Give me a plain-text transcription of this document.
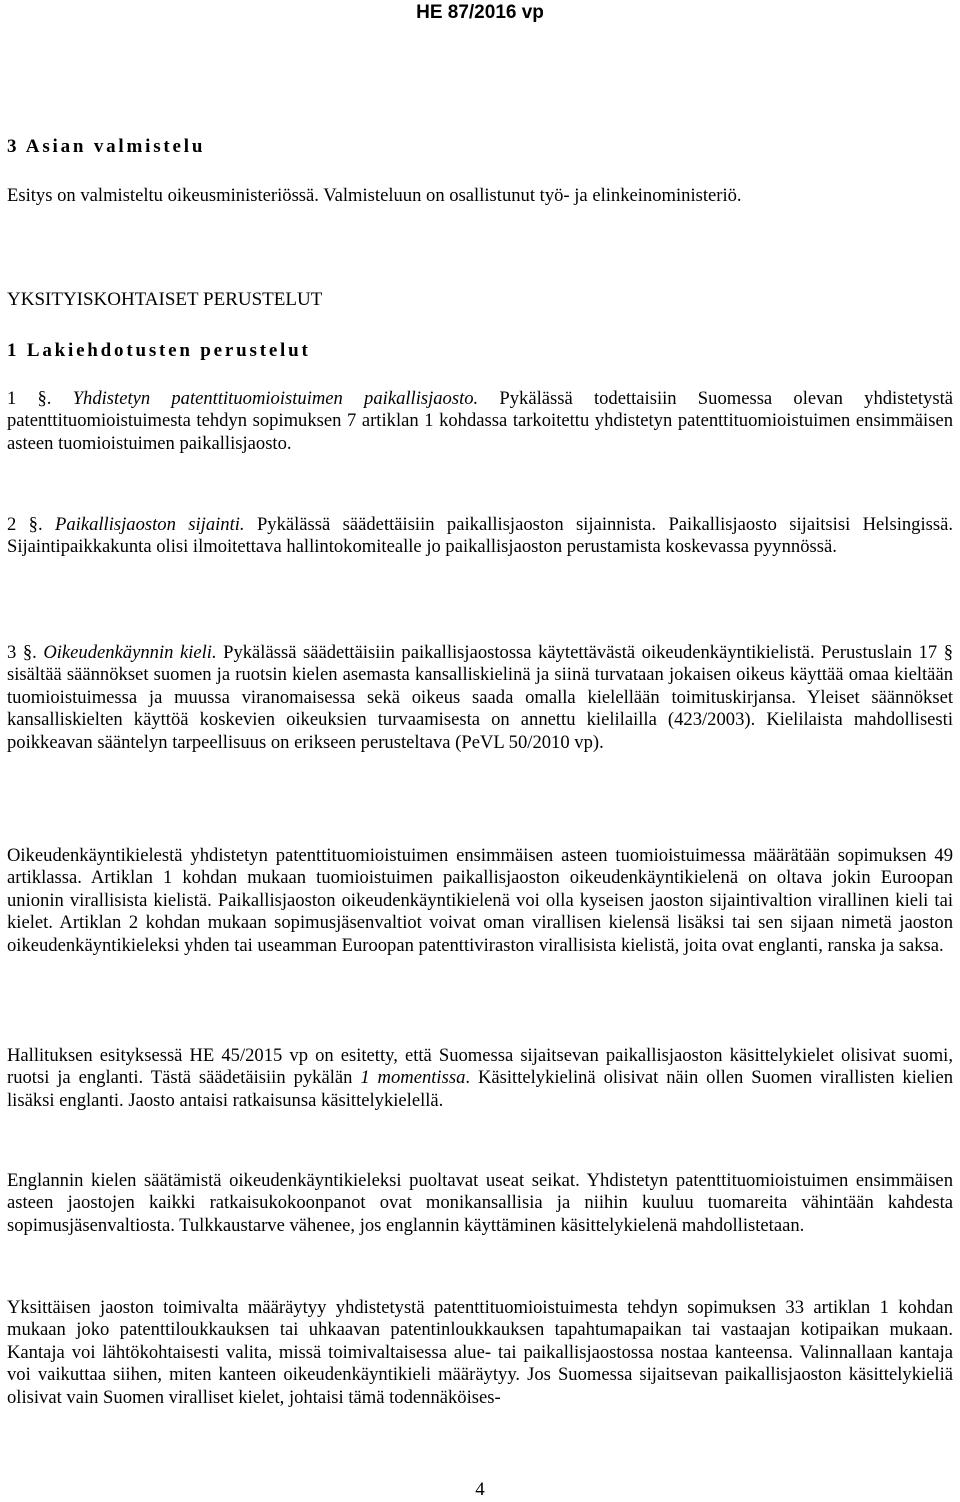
HE 87/2016 vp
3 Asian valmistelu

Esitys on valmisteltu oikeusministeriössä. Valmisteluun on osallistunut työ- ja elinkeinoministeriö.

YKSITYISKOHTAISET PERUSTELUT
1 Lakiehdotusten perustelut

1 §. Yhdistetyn patenttituomioistuimen paikallisjaosto. Pykälässä todettaisiin Suomessa olevan yhdistetystä patenttituomioistuimesta tehdyn sopimuksen 7 artiklan 1 kohdassa tarkoitettu yhdistetyn patenttituomioistuimen ensimmäisen asteen tuomioistuimen paikallisjaosto.

2 §. Paikallisjaoston sijainti. Pykälässä säädettäisiin paikallisjaoston sijainnista. Paikallisjaosto sijaitsisi Helsingissä. Sijaintipaikkakunta olisi ilmoitettava hallintokomitealle jo paikallisjaoston perustamista koskevassa pyynnössä.

3 §. Oikeudenkäynnin kieli. Pykälässä säädettäisiin paikallisjaostossa käytettävästä oikeudenkäyntikielistä. Perustuslain 17 § sisältää säännökset suomen ja ruotsin kielen asemasta kansalliskielinä ja siinä turvataan jokaisen oikeus käyttää omaa kieltään tuomioistuimessa ja muussa viranomaisessa sekä oikeus saada omalla kielellään toimituskirjansa. Yleiset säännökset kansalliskielten käyttöä koskevien oikeuksien turvaamisesta on annettu kielilailla (423/2003). Kielilaista mahdollisesti poikkeavan sääntelyn tarpeellisuus on erikseen perusteltava (PeVL 50/2010 vp).

Oikeudenkäyntikielestä yhdistetyn patenttituomioistuimen ensimmäisen asteen tuomioistuimessa määrätään sopimuksen 49 artiklassa. Artiklan 1 kohdan mukaan tuomioistuimen paikallisjaoston oikeudenkäyntikielenä on oltava jokin Euroopan unionin virallisista kielistä. Paikallisjaoston oikeudenkäyntikielenä voi olla kyseisen jaoston sijaintivaltion virallinen kieli tai kielet. Artiklan 2 kohdan mukaan sopimusjäsenvaltiot voivat oman virallisen kielensä lisäksi tai sen sijaan nimetä jaoston oikeudenkäyntikieleksi yhden tai useamman Euroopan patenttiviraston virallisista kielistä, joita ovat englanti, ranska ja saksa.

Hallituksen esityksessä HE 45/2015 vp on esitetty, että Suomessa sijaitsevan paikallisjaoston käsittelykielet olisivat suomi, ruotsi ja englanti. Tästä säädetäisiin pykälän 1 momentissa. Käsittelykielinä olisivat näin ollen Suomen virallisten kielien lisäksi englanti. Jaosto antaisi ratkaisunsa käsittelykielellä.

Englannin kielen säätämistä oikeudenkäyntikieleksi puoltavat useat seikat. Yhdistetyn patenttituomioistuimen ensimmäisen asteen jaostojen kaikki ratkaisukokoonpanot ovat monikansallisia ja niihin kuuluu tuomareita vähintään kahdesta sopimusjäsenvaltiosta. Tulkkaustarve vähenee, jos englannin käyttäminen käsittelykielenä mahdollistetaan.

Yksittäisen jaoston toimivalta määräytyy yhdistetystä patenttituomioistuimesta tehdyn sopimuksen 33 artiklan 1 kohdan mukaan joko patenttiloukkauksen tai uhkaavan patentinloukkauksen tapahtumapaikan tai vastaajan kotipaikan mukaan. Kantaja voi lähtökohtaisesti valita, missä toimivaltaisessa alue- tai paikallisjaostossa nostaa kanteensa. Valinnallaan kantaja voi vaikuttaa siihen, miten kanteen oikeudenkäyntikieli määräytyy. Jos Suomessa sijaitsevan paikallisjaoston käsittelykieliä olisivat vain Suomen viralliset kielet, johtaisi tämä todennäköises-

4
